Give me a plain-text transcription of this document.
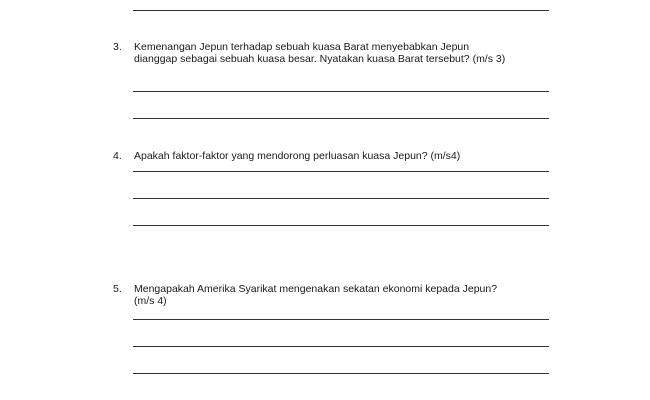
3. Kemenangan Jepun terhadap sebuah kuasa Barat menyebabkan Jepun
dianggap sebagai sebuah kuasa besar. Nyatakan kuasa Barat tersebut? (m/s 3)
4. Apakah faktor-faktor yang mendorong perluasan kuasa Jepun? (m/s4)
5. Mengapakah Amerika Syarikat mengenakan sekatan ekonomi kepada Jepun?
(m/s 4)
